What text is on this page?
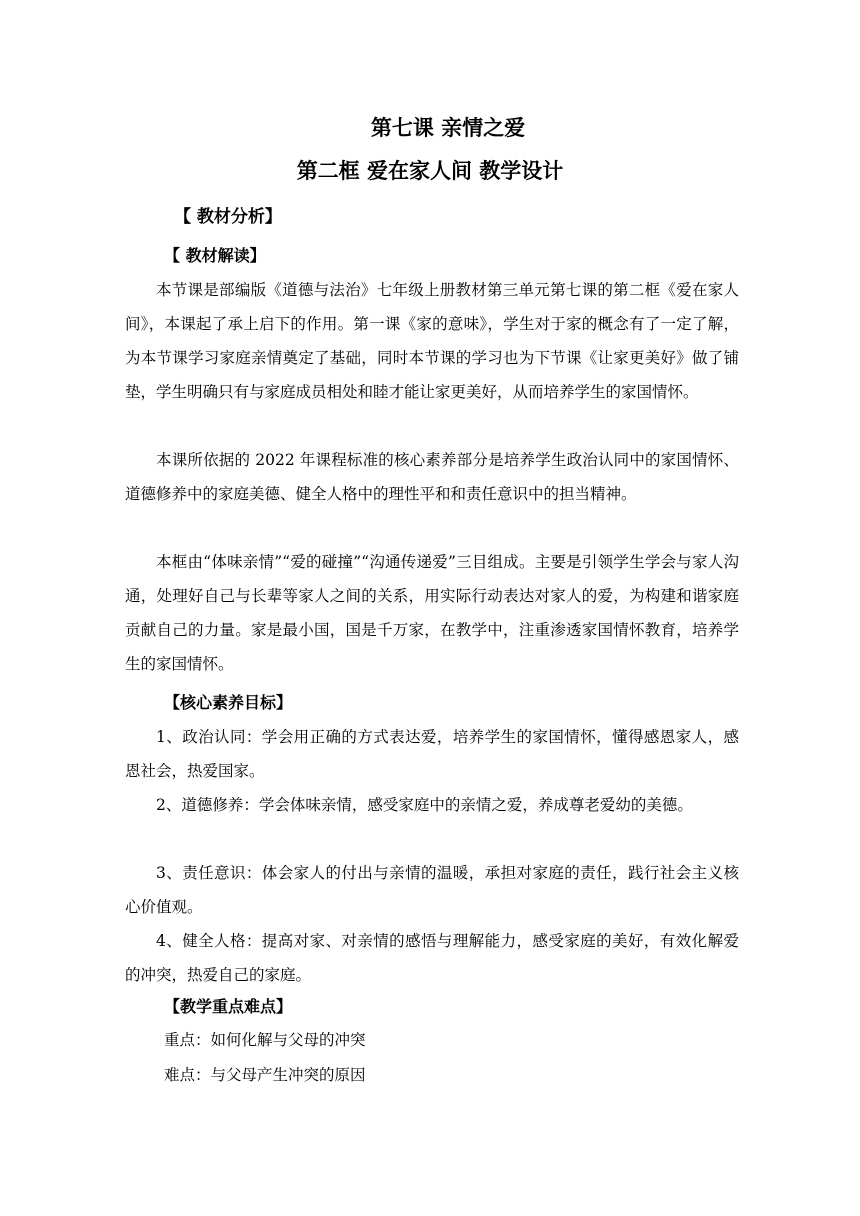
第七课 亲情之爱
第二框 爱在家人间 教学设计
【 教材分析】
【 教材解读】

本节课是部编版《道德与法治》七年级上册教材第三单元第七课的第二框《爱在家人间》，本课起了承上启下的作用。第一课《家的意味》，学生对于家的概念有了一定了解，为本节课学习家庭亲情奠定了基础，同时本节课的学习也为下节课《让家更美好》做了铺垫，学生明确只有与家庭成员相处和睦才能让家更美好，从而培养学生的家国情怀。

本课所依据的 2022 年课程标准的核心素养部分是培养学生政治认同中的家国情怀、道德修养中的家庭美德、健全人格中的理性平和和责任意识中的担当精神。

本框由“体味亲情”“爱的碰撞”“沟通传递爱”三目组成。主要是引领学生学会与家人沟通，处理好自己与长辈等家人之间的关系，用实际行动表达对家人的爱，为构建和谐家庭贡献自己的力量。家是最小国，国是千万家，在教学中，注重渗透家国情怀教育，培养学生的家国情怀。

【核心素养目标】

1、政治认同：学会用正确的方式表达爱，培养学生的家国情怀，懂得感恩家人，感恩社会，热爱国家。

2、道德修养：学会体味亲情，感受家庭中的亲情之爱，养成尊老爱幼的美德。

3、责任意识：体会家人的付出与亲情的温暖，承担对家庭的责任，践行社会主义核心价值观。

4、健全人格：提高对家、对亲情的感悟与理解能力，感受家庭的美好，有效化解爱的冲突，热爱自己的家庭。

【教学重点难点】
重点：如何化解与父母的冲突
难点：与父母产生冲突的原因
